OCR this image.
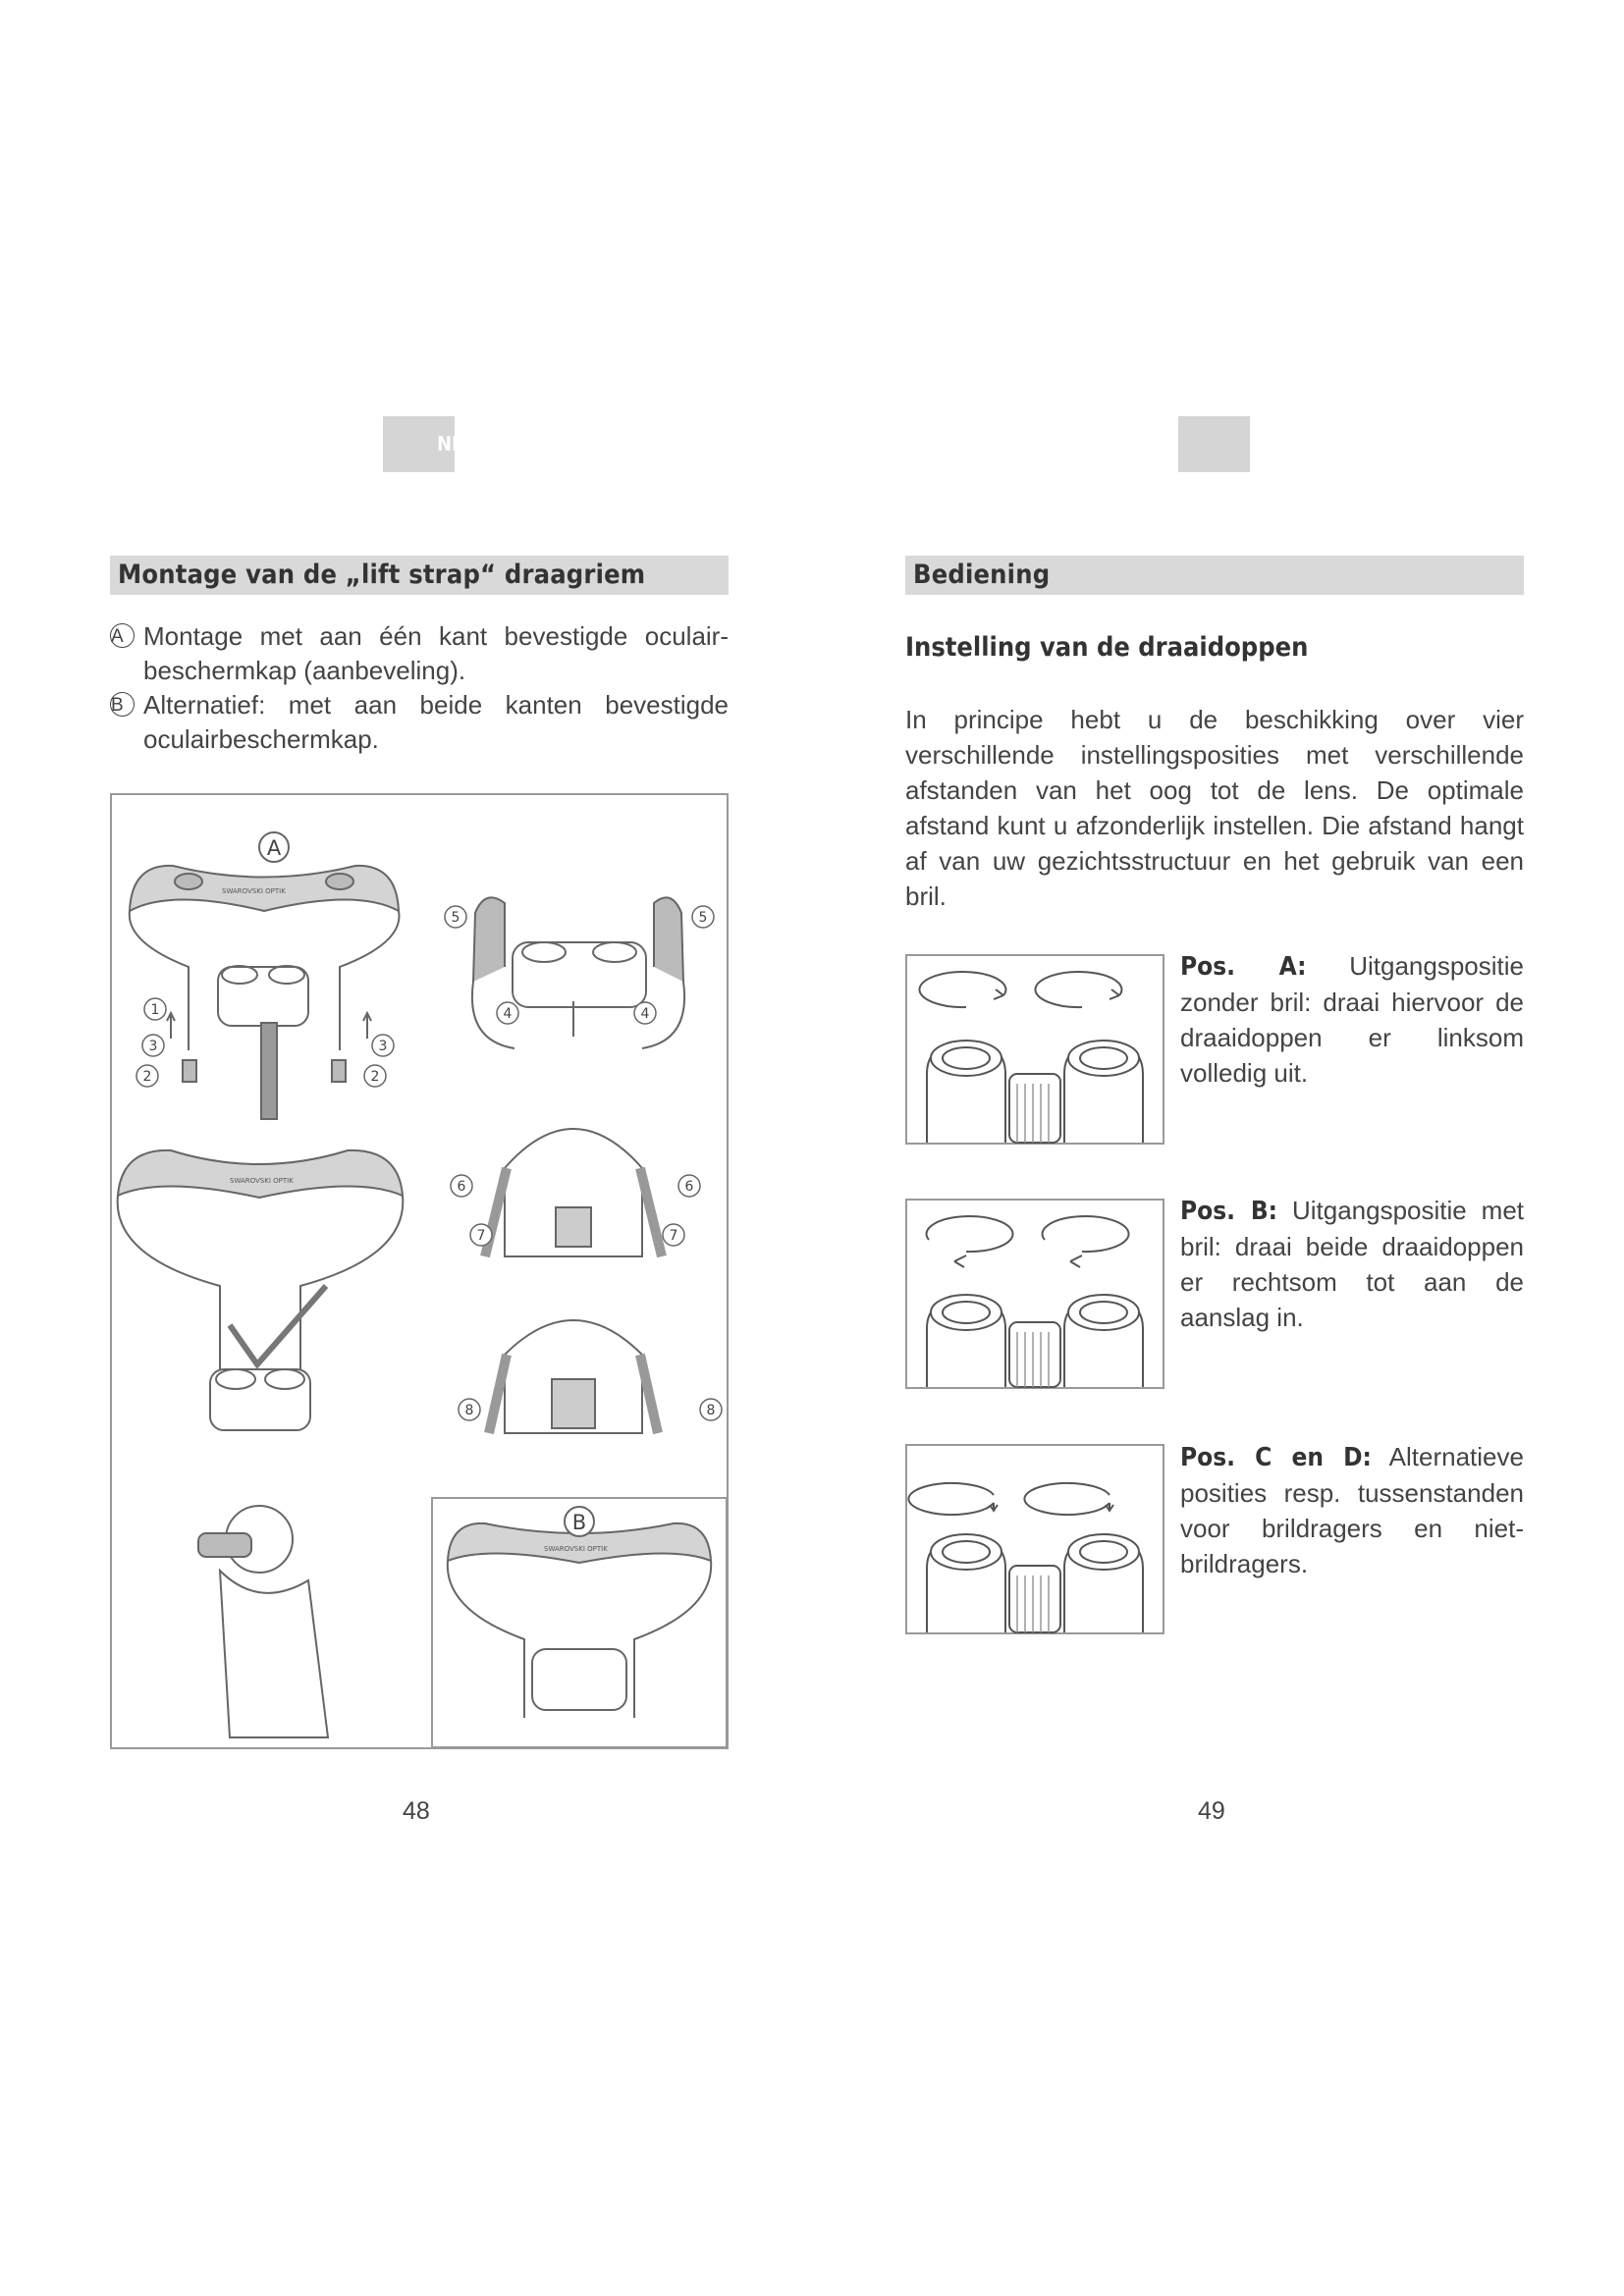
NL
Montage van de „lift strap“ draagriem
A Montage met aan één kant bevestigde oculair-beschermkap (aanbeveling).
B Alternatief: met aan beide kanten bevestigde oculairbeschermkap.
SWAROVSKI OPTIK
A
1
2
3
2
3
5	5
4	4
SWAROVSKI OPTIK	6	6
7	7
8	8
SWAROVSKI OPTIK
B
48
Bediening
Instelling van de draaidoppen

In principe hebt u de beschikking over vier verschillende instellingsposities met verschillende afstanden van het oog tot de lens. De optimale afstand kunt u afzonderlijk instellen. Die afstand hangt af van uw gezichtsstructuur en het gebruik van een bril.

Pos. A: Uitgangspositie zonder bril: draai hiervoor de draaidoppen er linksom volledig uit.

Pos. B: Uitgangspositie met bril: draai beide draaidoppen er rechtsom tot aan de aanslag in.

Pos. C en D: Alternatieve posities resp. tussenstanden voor brildragers en niet-brildragers.

49
